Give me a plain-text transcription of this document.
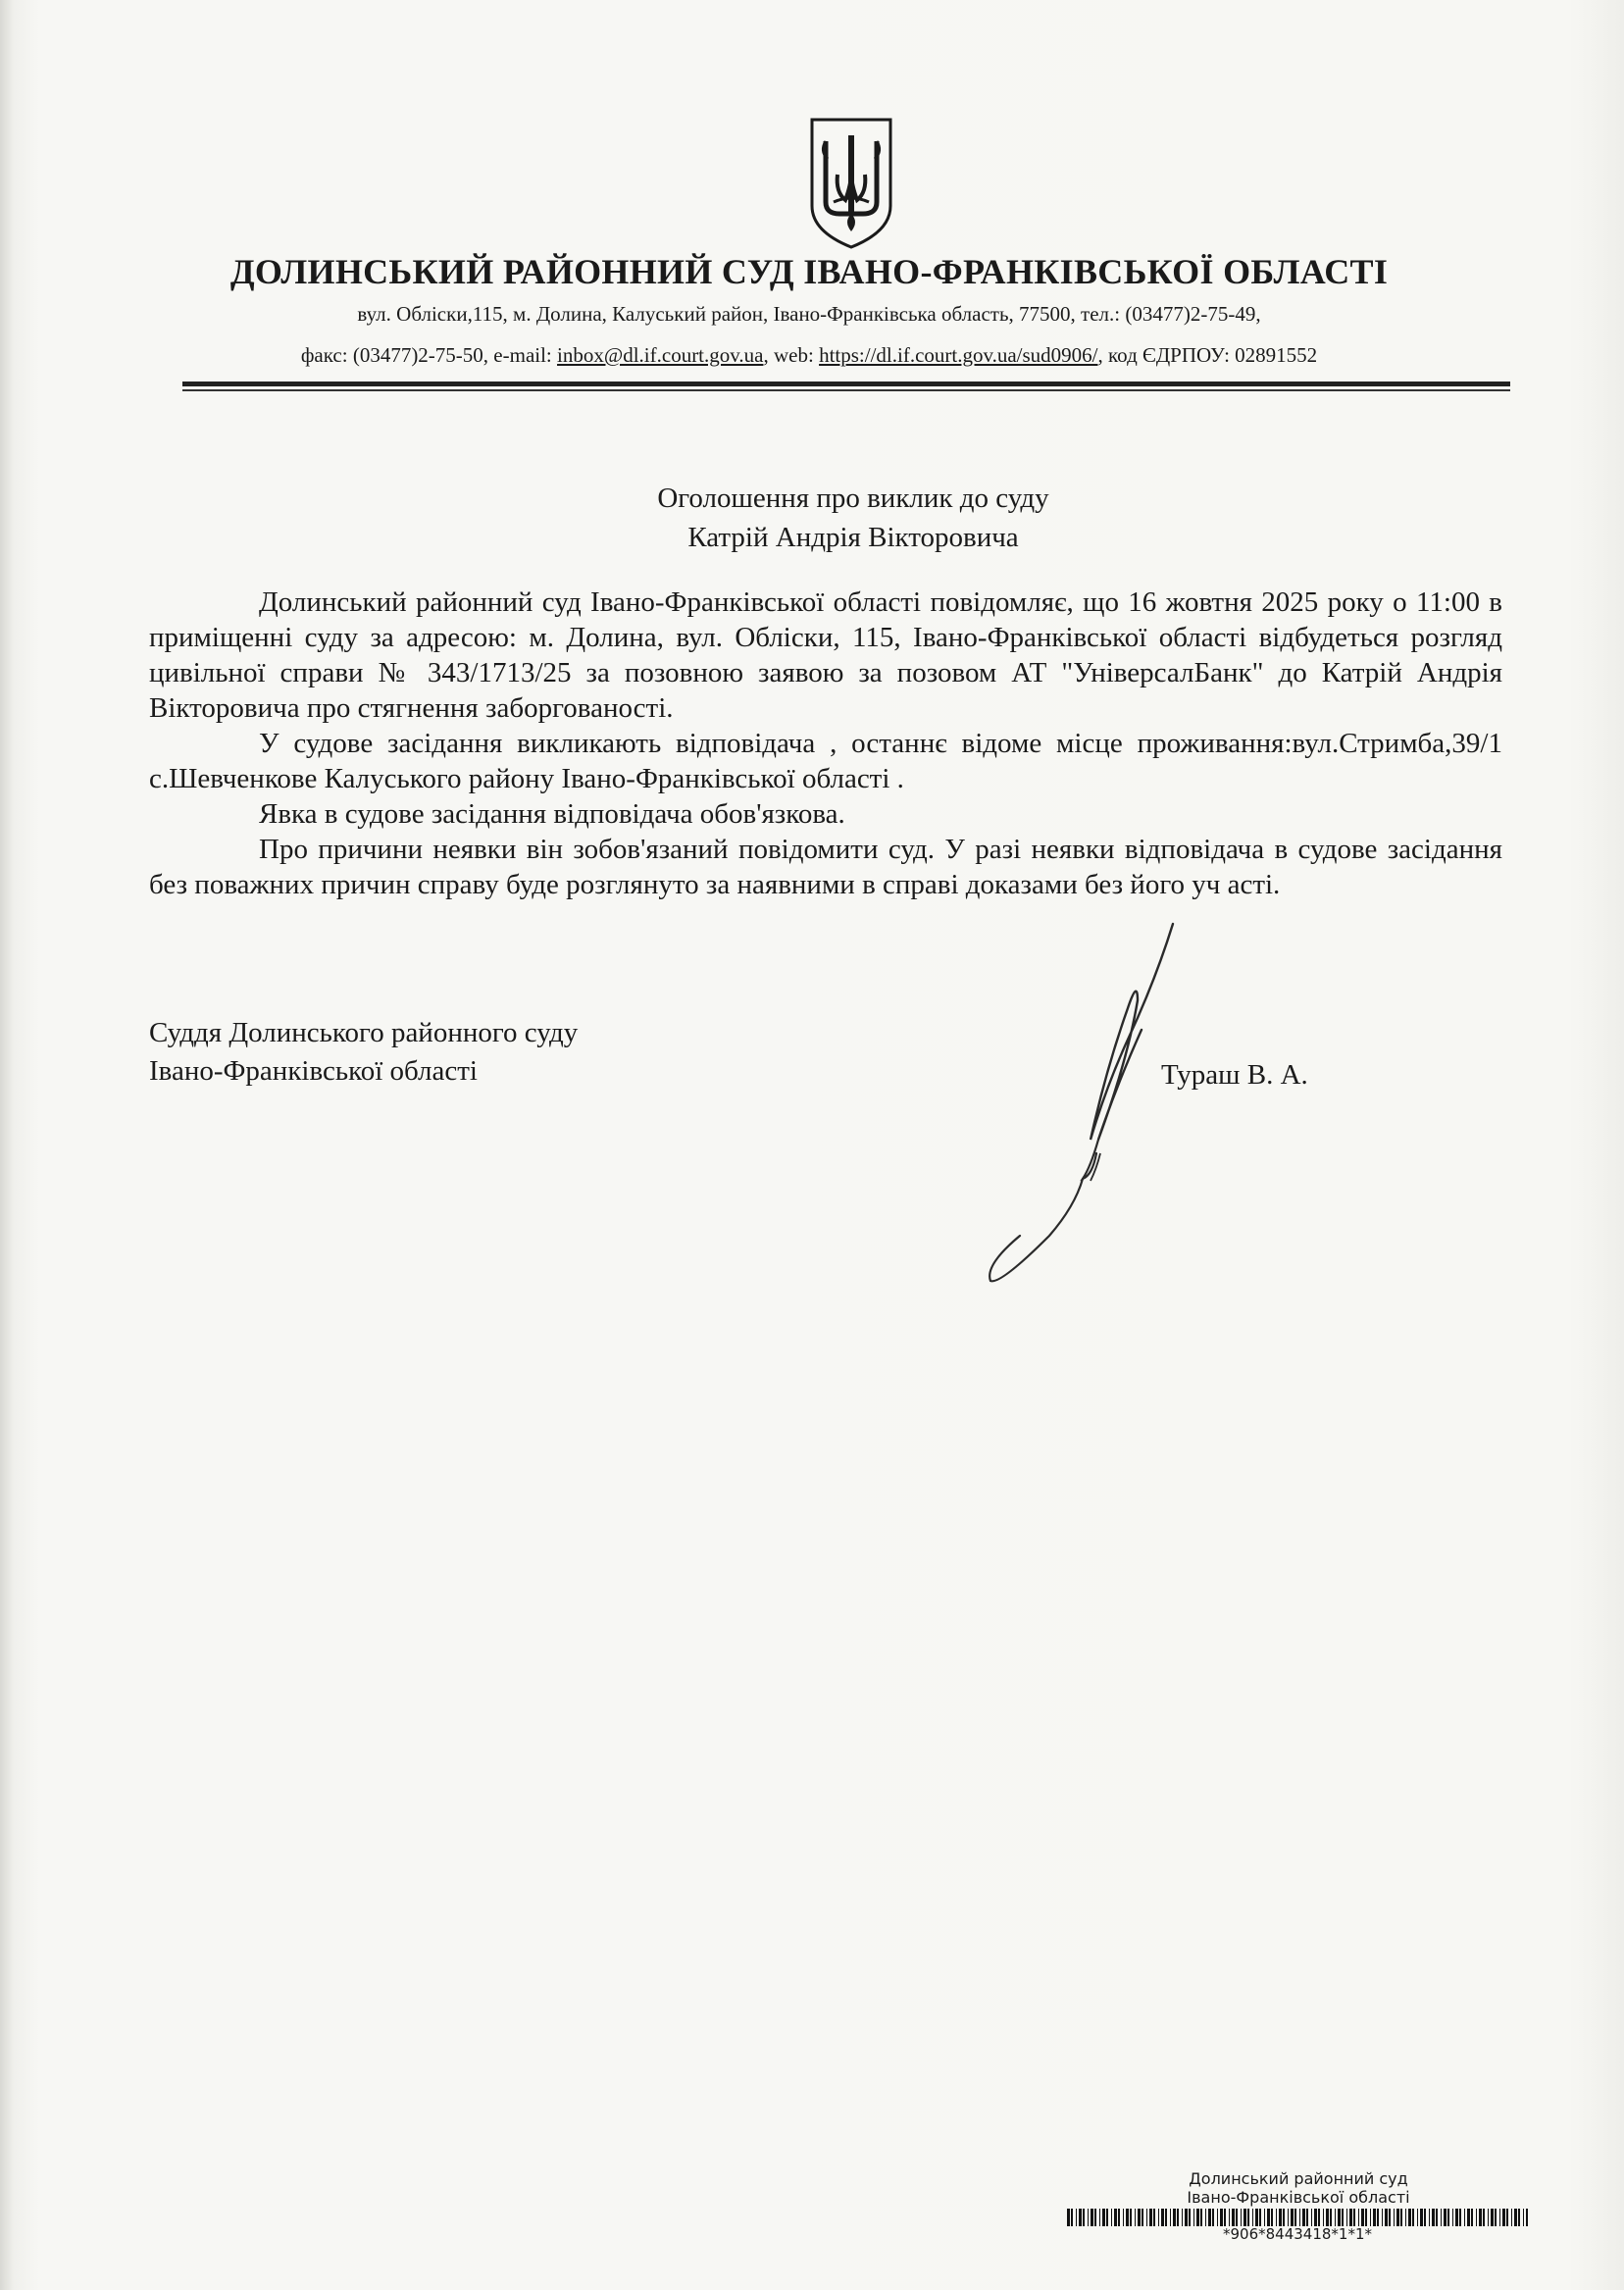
ДОЛИНСЬКИЙ РАЙОННИЙ СУД ІВАНО-ФРАНКІВСЬКОЇ ОБЛАСТІ
вул. Обліски,115, м. Долина, Калуський район, Івано-Франківська область, 77500, тел.: (03477)2-75-49,
факс: (03477)2-75-50, e-mail: inbox@dl.if.court.gov.ua, web: https://dl.if.court.gov.ua/sud0906/, код ЄДРПОУ: 02891552
Оголошення про виклик до суду
Катрій Андрія Вікторовича

Долинський районний суд Івано-Франківської області повідомляє, що 16 жовтня 2025 року о 11:00 в приміщенні суду за адресою: м. Долина, вул. Обліски, 115, Івано-Франківської області відбудеться розгляд цивільної справи № 343/1713/25 за позовною заявою за позовом АТ "УніверсалБанк" до Катрій Андрія Вікторовича про стягнення заборгованості.

У судове засідання викликають відповідача , останнє відоме місце проживання:вул.Стримба,39/1 с.Шевченкове Калуського району Івано-Франківської області .

Явка в судове засідання відповідача обов'язкова.

Про причини неявки він зобов'язаний повідомити суд. У разі неявки відповідача в судове засідання без поважних причин справу буде розглянуто за наявними в справі доказами без його уч асті.

Суддя Долинського районного суду
Івано-Франківської області	Тураш В. А.
Долинський районний суд
Івано-Франківської області
*906*8443418*1*1*
